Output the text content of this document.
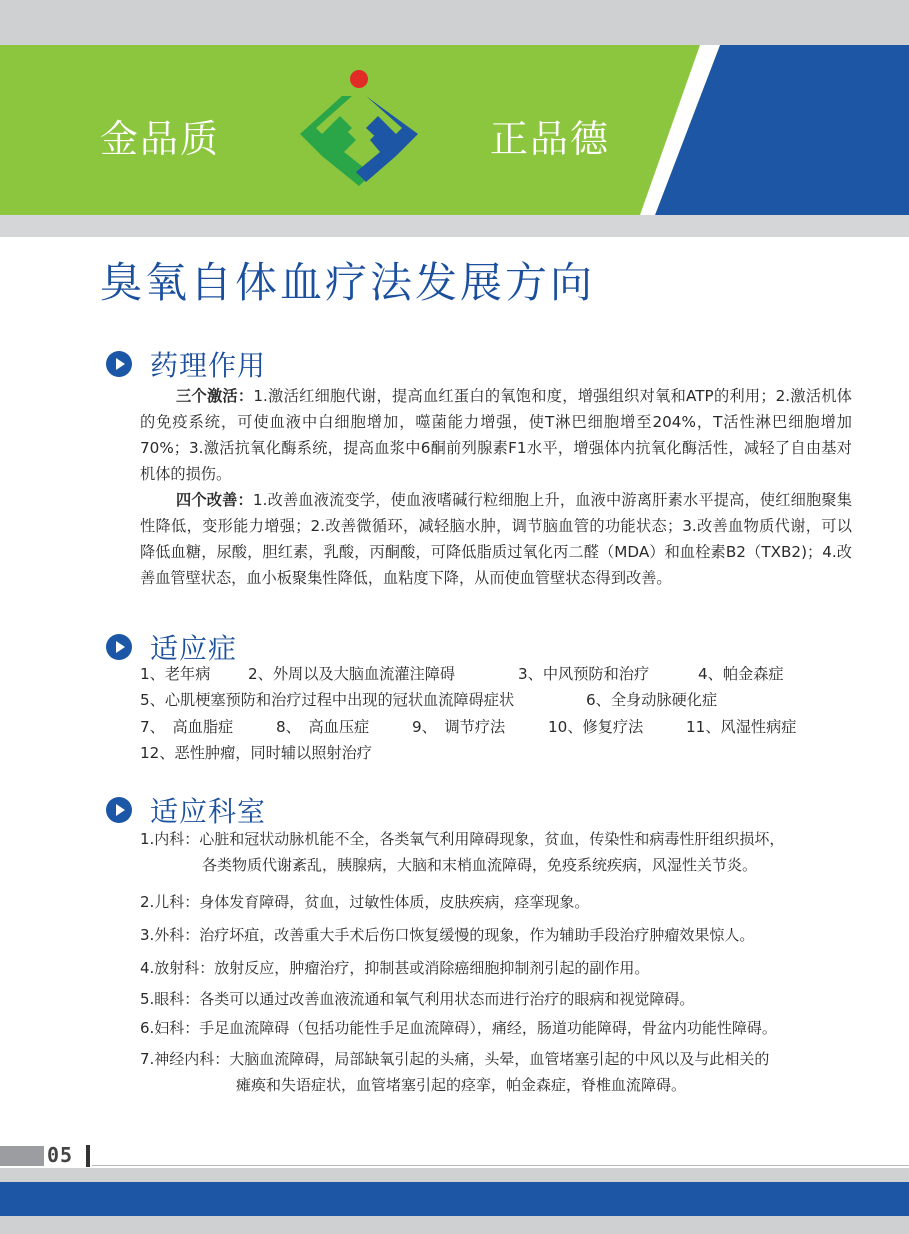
金品质	正品德
臭氧自体血疗法发展方向
药理作用

三个激活：1.激活红细胞代谢，提高血红蛋白的氧饱和度，增强组织对氧和ATP的利用；2.激活机体的免疫系统，可使血液中白细胞增加，噬菌能力增强，使T淋巴细胞增至204%，T活性淋巴细胞增加70%；3.激活抗氧化酶系统，提高血浆中6酮前列腺素F1水平，增强体内抗氧化酶活性，减轻了自由基对机体的损伤。

四个改善：1.改善血液流变学，使血液嗜碱行粒细胞上升，血液中游离肝素水平提高，使红细胞聚集性降低，变形能力增强；2.改善微循环，减轻脑水肿，调节脑血管的功能状态；3.改善血物质代谢，可以降低血糖，尿酸，胆红素，乳酸，丙酮酸，可降低脂质过氧化丙二醛（MDA）和血栓素B2（TXB2)；4.改善血管壁状态，血小板聚集性降低，血粘度下降，从而使血管壁状态得到改善。

适应症
1、老年病 2、外周以及大脑血流灌注障碍	3、中风预防和治疗	4、帕金森症
5、心肌梗塞预防和治疗过程中出现的冠状血流障碍症状	6、全身动脉硬化症
7、　高血脂症	8、　高血压症	9、　调节疗法	10、修复疗法	11、风湿性病症
12、恶性肿瘤，同时辅以照射治疗
适应科室
1.内科：心脏和冠状动脉机能不全，各类氧气利用障碍现象，贫血，传染性和病毒性肝组织损坏，
各类物质代谢紊乱，胰腺病，大脑和末梢血流障碍，免疫系统疾病，风湿性关节炎。
2.儿科：身体发育障碍，贫血，过敏性体质，皮肤疾病，痉挛现象。
3.外科：治疗坏疽，改善重大手术后伤口恢复缓慢的现象，作为辅助手段治疗肿瘤效果惊人。
4.放射科：放射反应，肿瘤治疗，抑制甚或消除癌细胞抑制剂引起的副作用。
5.眼科：各类可以通过改善血液流通和氧气利用状态而进行治疗的眼病和视觉障碍。
6.妇科：手足血流障碍（包括功能性手足血流障碍），痛经，肠道功能障碍，骨盆内功能性障碍。
7.神经内科：大脑血流障碍，局部缺氧引起的头痛，头晕，血管堵塞引起的中风以及与此相关的
瘫痪和失语症状，血管堵塞引起的痉挛，帕金森症，脊椎血流障碍。
05
